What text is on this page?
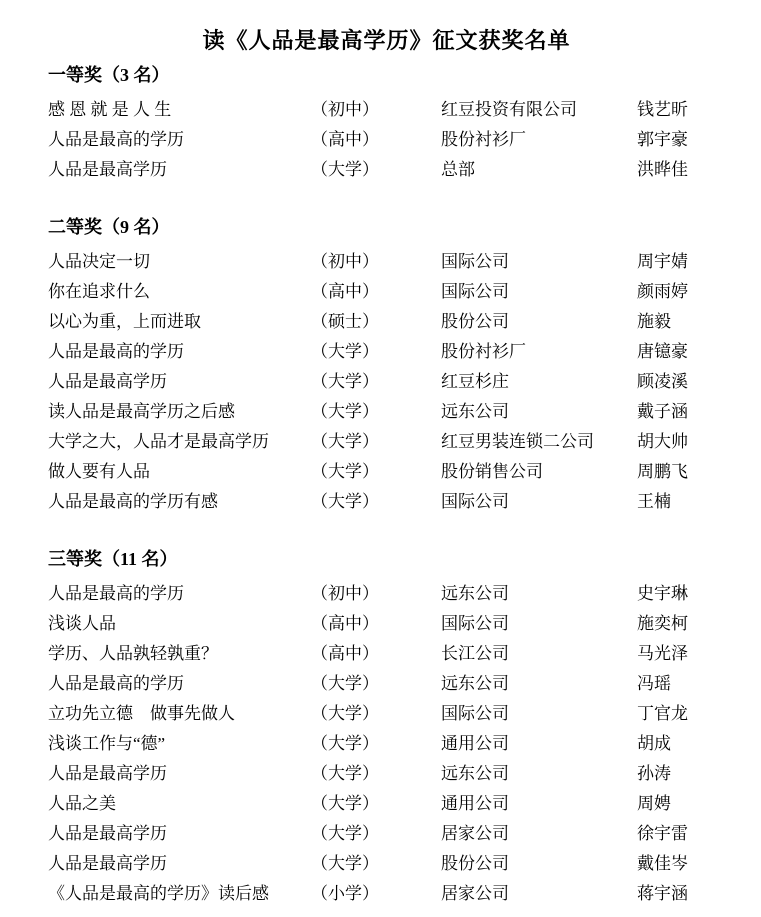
读《人品是最高学历》征文获奖名单
一等奖（3 名）
感 恩 就 是 人 生	（初中）	红豆投资有限公司	钱艺昕
人品是最高的学历	（高中）	股份衬衫厂	郭宇豪
人品是最高学历	（大学）	总部	洪晔佳
二等奖（9 名）
人品决定一切	（初中）	国际公司	周宇婧
你在追求什么	（高中）	国际公司	颜雨婷
以心为重，上而进取	（硕士）	股份公司	施毅
人品是最高的学历	（大学）	股份衬衫厂	唐镱豪
人品是最高学历	（大学）	红豆杉庄	顾凌溪
读人品是最高学历之后感	（大学）	远东公司	戴子涵
大学之大，人品才是最高学历	（大学）	红豆男装连锁二公司	胡大帅
做人要有人品	（大学）	股份销售公司	周鹏飞
人品是最高的学历有感	（大学）	国际公司	王楠
三等奖（11 名）
人品是最高的学历	（初中）	远东公司	史宇琳
浅谈人品	（高中）	国际公司	施奕柯
学历、人品孰轻孰重？	（高中）	长江公司	马光泽
人品是最高的学历	（大学）	远东公司	冯瑶
立功先立德　做事先做人	（大学）	国际公司	丁官龙
浅谈工作与“德”	（大学）	通用公司	胡成
人品是最高学历	（大学）	远东公司	孙涛
人品之美	（大学）	通用公司	周娉
人品是最高学历	（大学）	居家公司	徐宇雷
人品是最高学历	（大学）	股份公司	戴佳岑
《人品是最高的学历》读后感	（小学）	居家公司	蒋宇涵
